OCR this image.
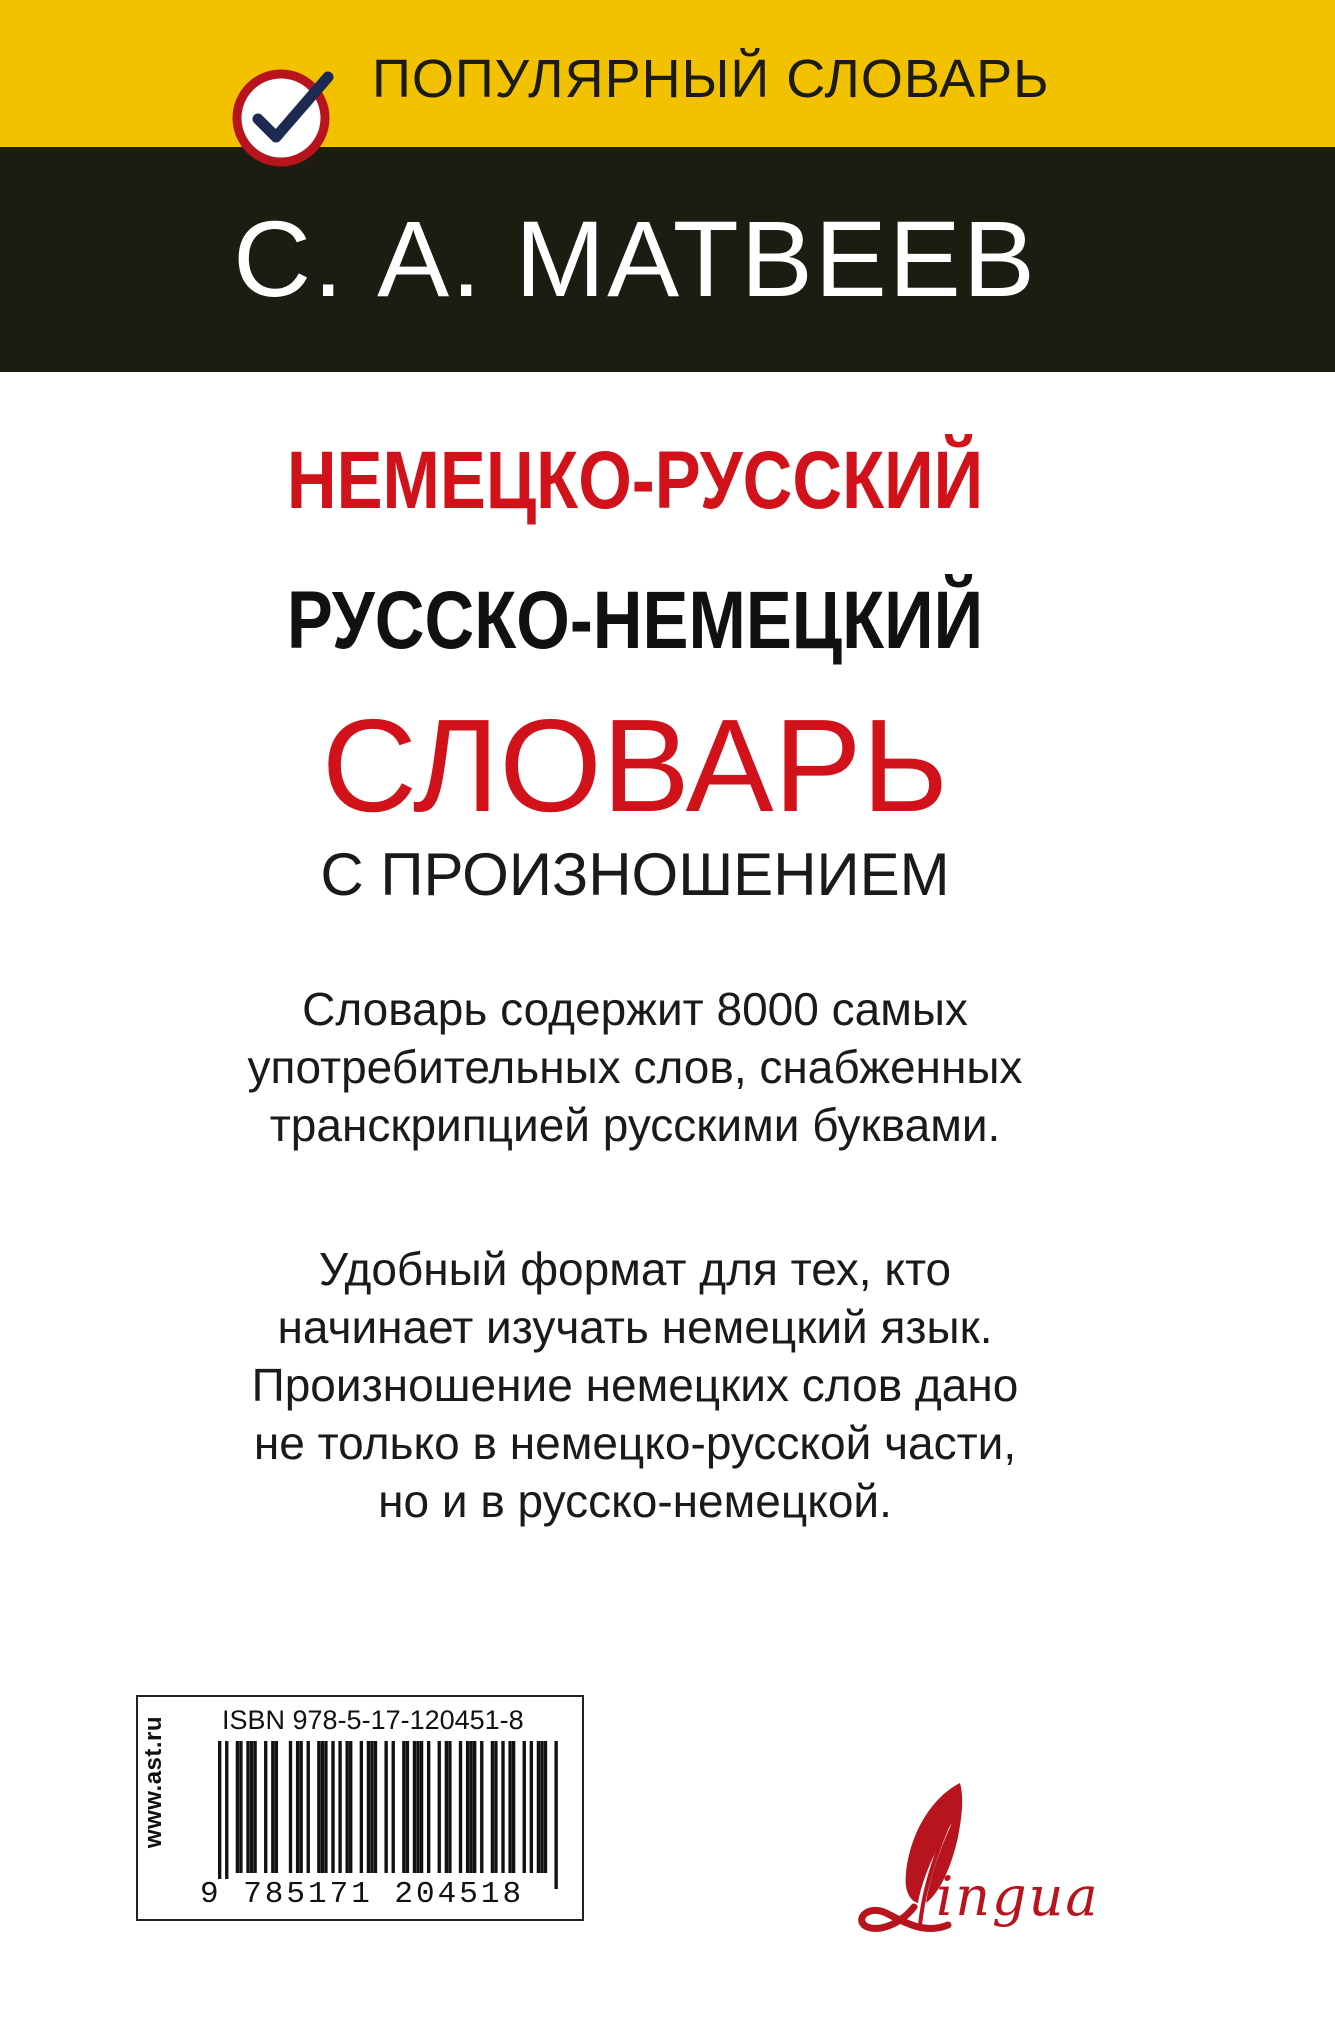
ПОПУЛЯРНЫЙ СЛОВАРЬ
С. А. МАТВЕЕВ
НЕМЕЦКО-РУССКИЙ
РУССКО-НЕМЕЦКИЙ
СЛОВАРЬ
С ПРОИЗНОШЕНИЕМ

Словарь содержит 8000 самых

употребительных слов, снабженных

транскрипцией русскими буквами.

Удобный формат для тех, кто

начинает изучать немецкий язык.

Произношение немецких слов дано

не только в немецко-русской части,

но и в русско-немецкой.

www.ast.ru ISBN 978-5-17-120451-8
9 785171 204518	ingua
